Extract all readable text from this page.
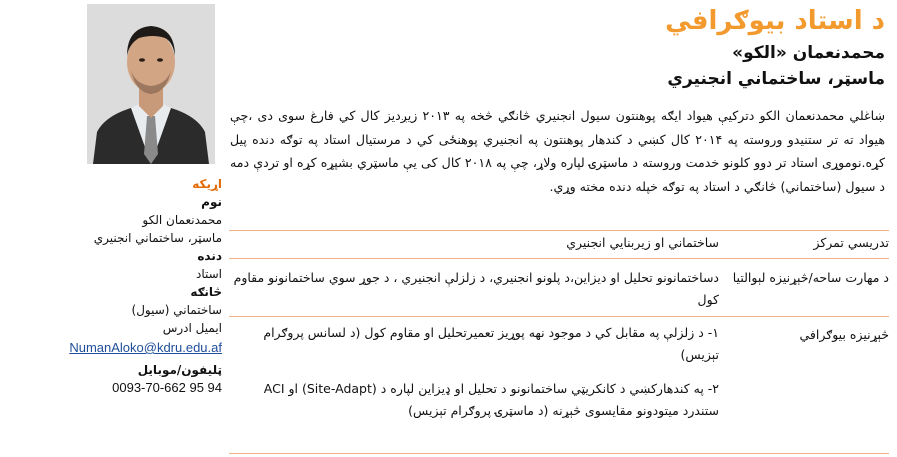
اړیکه
نوم
محمدنعمان الکو
ماسټر، ساختماني انجنیري
دنده
استاد
څانګه
ساختماني (سیول)
ایمیل ادرس
NumanAloko@kdru.edu.af
ټلیفون/موبایل
0093-70-662 95 94
د استاد بیوګرافي
محمدنعمان «الکو»
ماسټر، ساختماني انجنیري
ښاغلي محمدنعمان الکو دترکیې هیواد ایګه پوهنتون سیول انجنیري څانګي څخه په ۲۰۱۳ زیږدیز کال کي فارغ سوی دی ،چې هیواد ته تر ستنیدو وروسته په ۲۰۱۴ کال کښي د کندهار پوهنتون په انجنیري پوهنځی کي د مرستیال استاد په توګه دنده پیل کړه.نوموړی استاد تر دوو کلونو خدمت وروسته د ماسټرۍ لپاره ولاړ، چې په ۲۰۱۸ کال کی یې ماسټري بشپړه کړه او تردې دمه د سیول (ساختماني) څانګي د استاد په توګه خپله دنده مخته وړي.
تدریسي تمرکز
ساختماني او زیربنایي انجنیري
د مهارت ساحه/څېړنیزه لېوالتیا
دساختمانونو تحلیل او دیزاین،د پلونو انجنیري، د زلزلې انجنیري ، د جوړ سوي ساختمانونو مقاوم کول
څېړنیزه بیوګرافي
۱- د زلزلې په مقابل کي د موجود نهه پوړیز تعمیرتحلیل او مقاوم کول (د لسانس پروګرام تېزیس)
۲- په کندهارکښي د کانکریټي ساختمانونو د تحلیل او ډیزاین لپاره د (Site-Adapt) او ACI ستندرد میتودونو مقایسوی څېړنه (د ماسټرۍ پروګرام تېزیس)
